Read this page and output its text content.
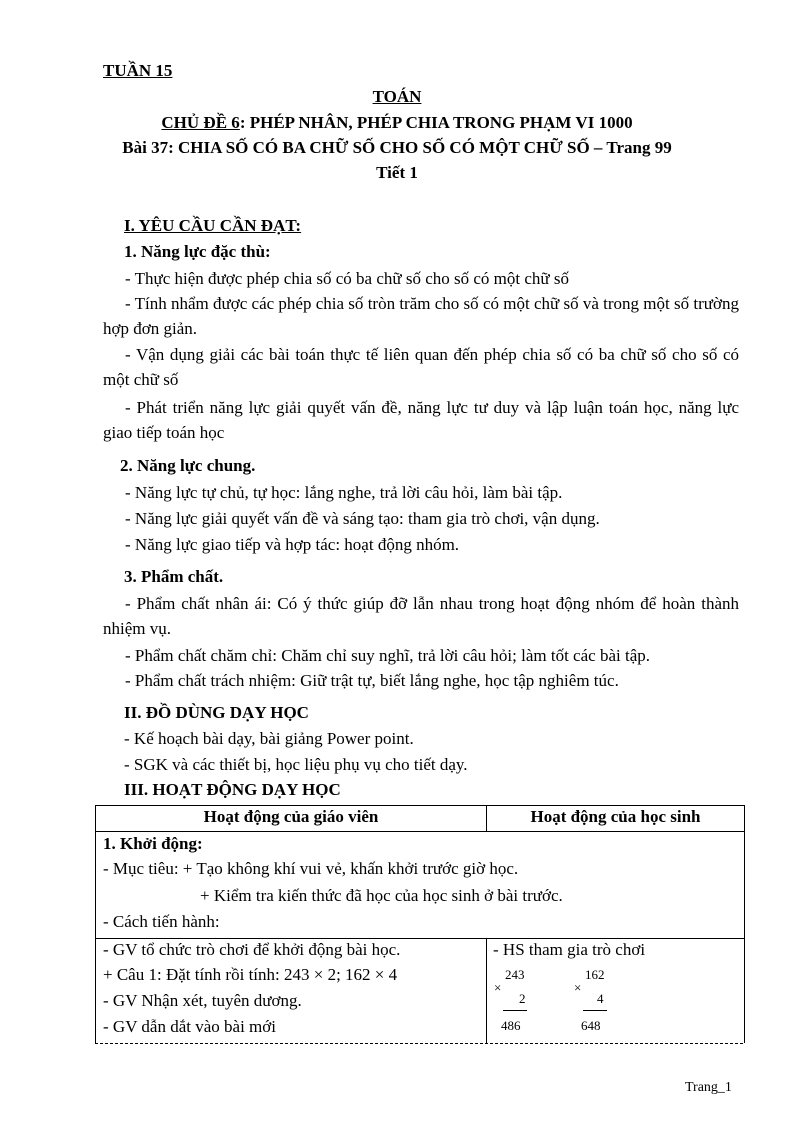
TUẦN 15
TOÁN
CHỦ ĐỀ 6: PHÉP NHÂN, PHÉP CHIA TRONG PHẠM VI 1000
Bài 37: CHIA SỐ CÓ BA CHỮ SỐ CHO SỐ CÓ MỘT CHỮ SỐ – Trang 99
Tiết 1
I. YÊU CẦU CẦN ĐẠT:
1. Năng lực đặc thù:
- Thực hiện được phép chia số có ba chữ số cho số có một chữ số
- Tính nhẩm được các phép chia số tròn trăm cho số có một chữ số và trong một số trường hợp đơn giản.
- Vận dụng giải các bài toán thực tế liên quan đến phép chia số có ba chữ số cho số có một chữ số
- Phát triển năng lực giải quyết vấn đề, năng lực tư duy và lập luận toán học, năng lực giao tiếp toán học
2. Năng lực chung.
- Năng lực tự chủ, tự học: lắng nghe, trả lời câu hỏi, làm bài tập.
- Năng lực giải quyết vấn đề và sáng tạo: tham gia trò chơi, vận dụng.
- Năng lực giao tiếp và hợp tác: hoạt động nhóm.
3. Phẩm chất.
- Phẩm chất nhân ái: Có ý thức giúp đỡ lẫn nhau trong hoạt động nhóm để hoàn thành nhiệm vụ.
- Phẩm chất chăm chỉ: Chăm chỉ suy nghĩ, trả lời câu hỏi; làm tốt các bài tập.
- Phẩm chất trách nhiệm: Giữ trật tự, biết lắng nghe, học tập nghiêm túc.
II. ĐỒ DÙNG DẠY HỌC
- Kế hoạch bài dạy, bài giảng Power point.
- SGK và các thiết bị, học liệu phụ vụ cho tiết dạy.
III. HOẠT ĐỘNG DẠY HỌC
Hoạt động của giáo viên	Hoạt động của học sinh
1. Khởi động:
- Mục tiêu: + Tạo không khí vui vẻ, khấn khởi trước giờ học.
+ Kiểm tra kiến thức đã học của học sinh ở bài trước.
- Cách tiến hành:
- GV tổ chức trò chơi để khởi động bài học.
+ Câu 1: Đặt tính rồi tính: 243 × 2; 162 × 4
- GV Nhận xét, tuyên dương.
- GV dẫn dắt vào bài mới
- HS tham gia trò chơi
243
×
2
486
162
×
4
648
Trang_1
